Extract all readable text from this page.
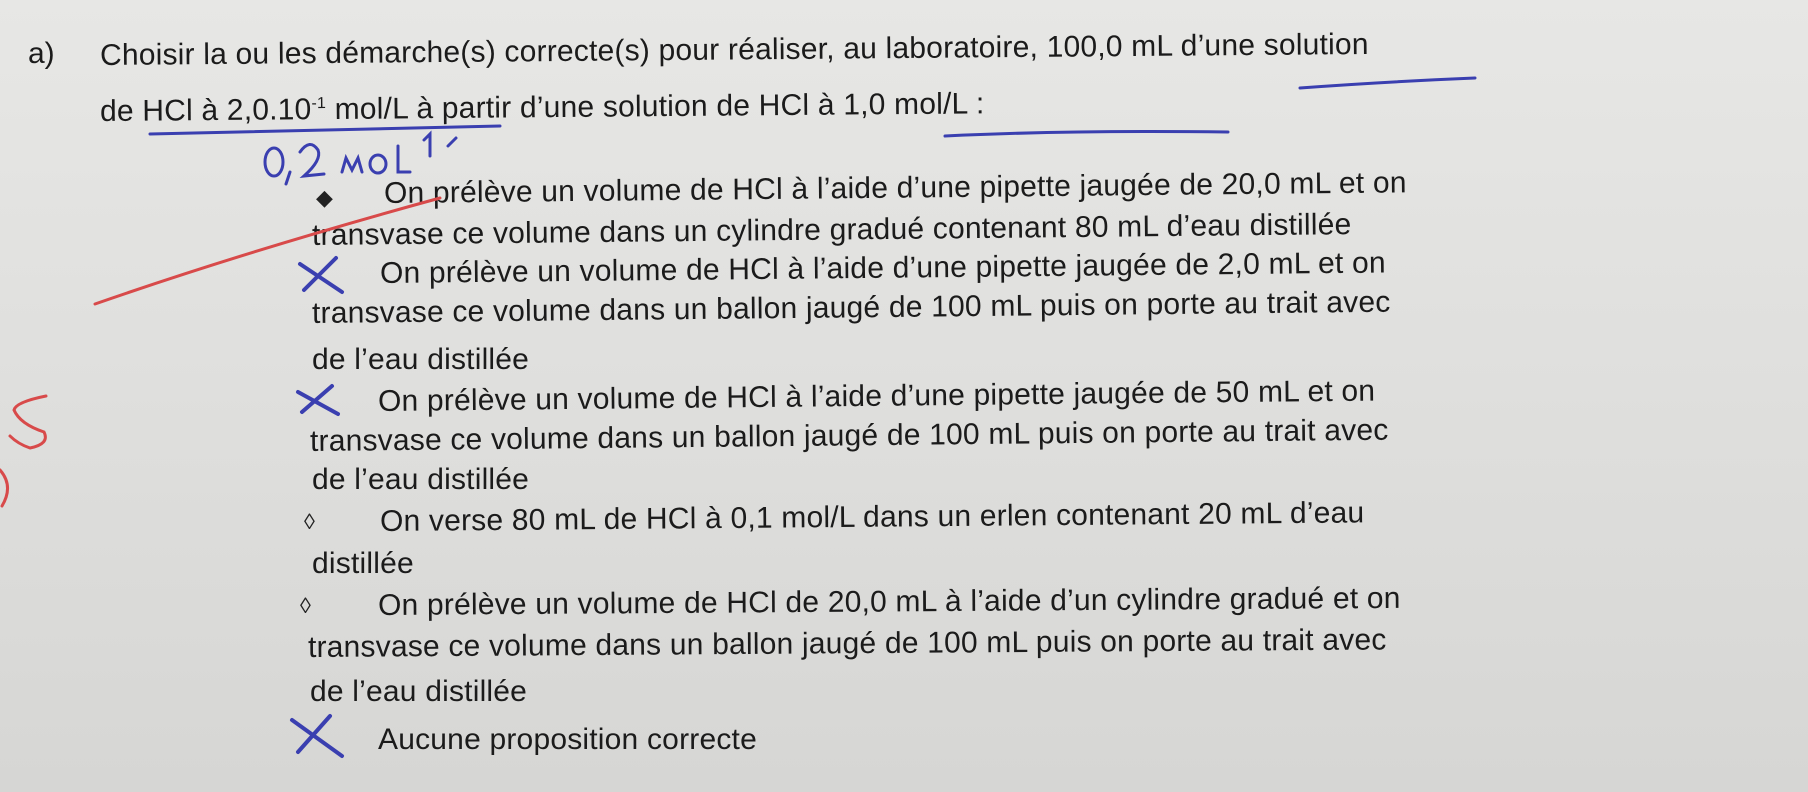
a) Choisir la ou les démarche(s) correcte(s) pour réaliser, au laboratoire, 100,0 mL d’une solution
de HCl à $2,0.10^{-1}$ mol/L à partir d’une solution de HCl à 1,0 mol/L :
◆ On prélève un volume de HCl à l’aide d’une pipette jaugée de 20,0 mL et on
transvase ce volume dans un cylindre gradué contenant 80 mL d’eau distillée
On prélève un volume de HCl à l’aide d’une pipette jaugée de 2,0 mL et on
transvase ce volume dans un ballon jaugé de 100 mL puis on porte au trait avec
de l’eau distillée
On prélève un volume de HCl à l’aide d’une pipette jaugée de 50 mL et on
transvase ce volume dans un ballon jaugé de 100 mL puis on porte au trait avec
de l’eau distillée
◊ On verse 80 mL de HCl à 0,1 mol/L dans un erlen contenant 20 mL d’eau
distillée
◊ On prélève un volume de HCl de 20,0 mL à l’aide d’un cylindre gradué et on
transvase ce volume dans un ballon jaugé de 100 mL puis on porte au trait avec
de l’eau distillée
Aucune proposition correcte
